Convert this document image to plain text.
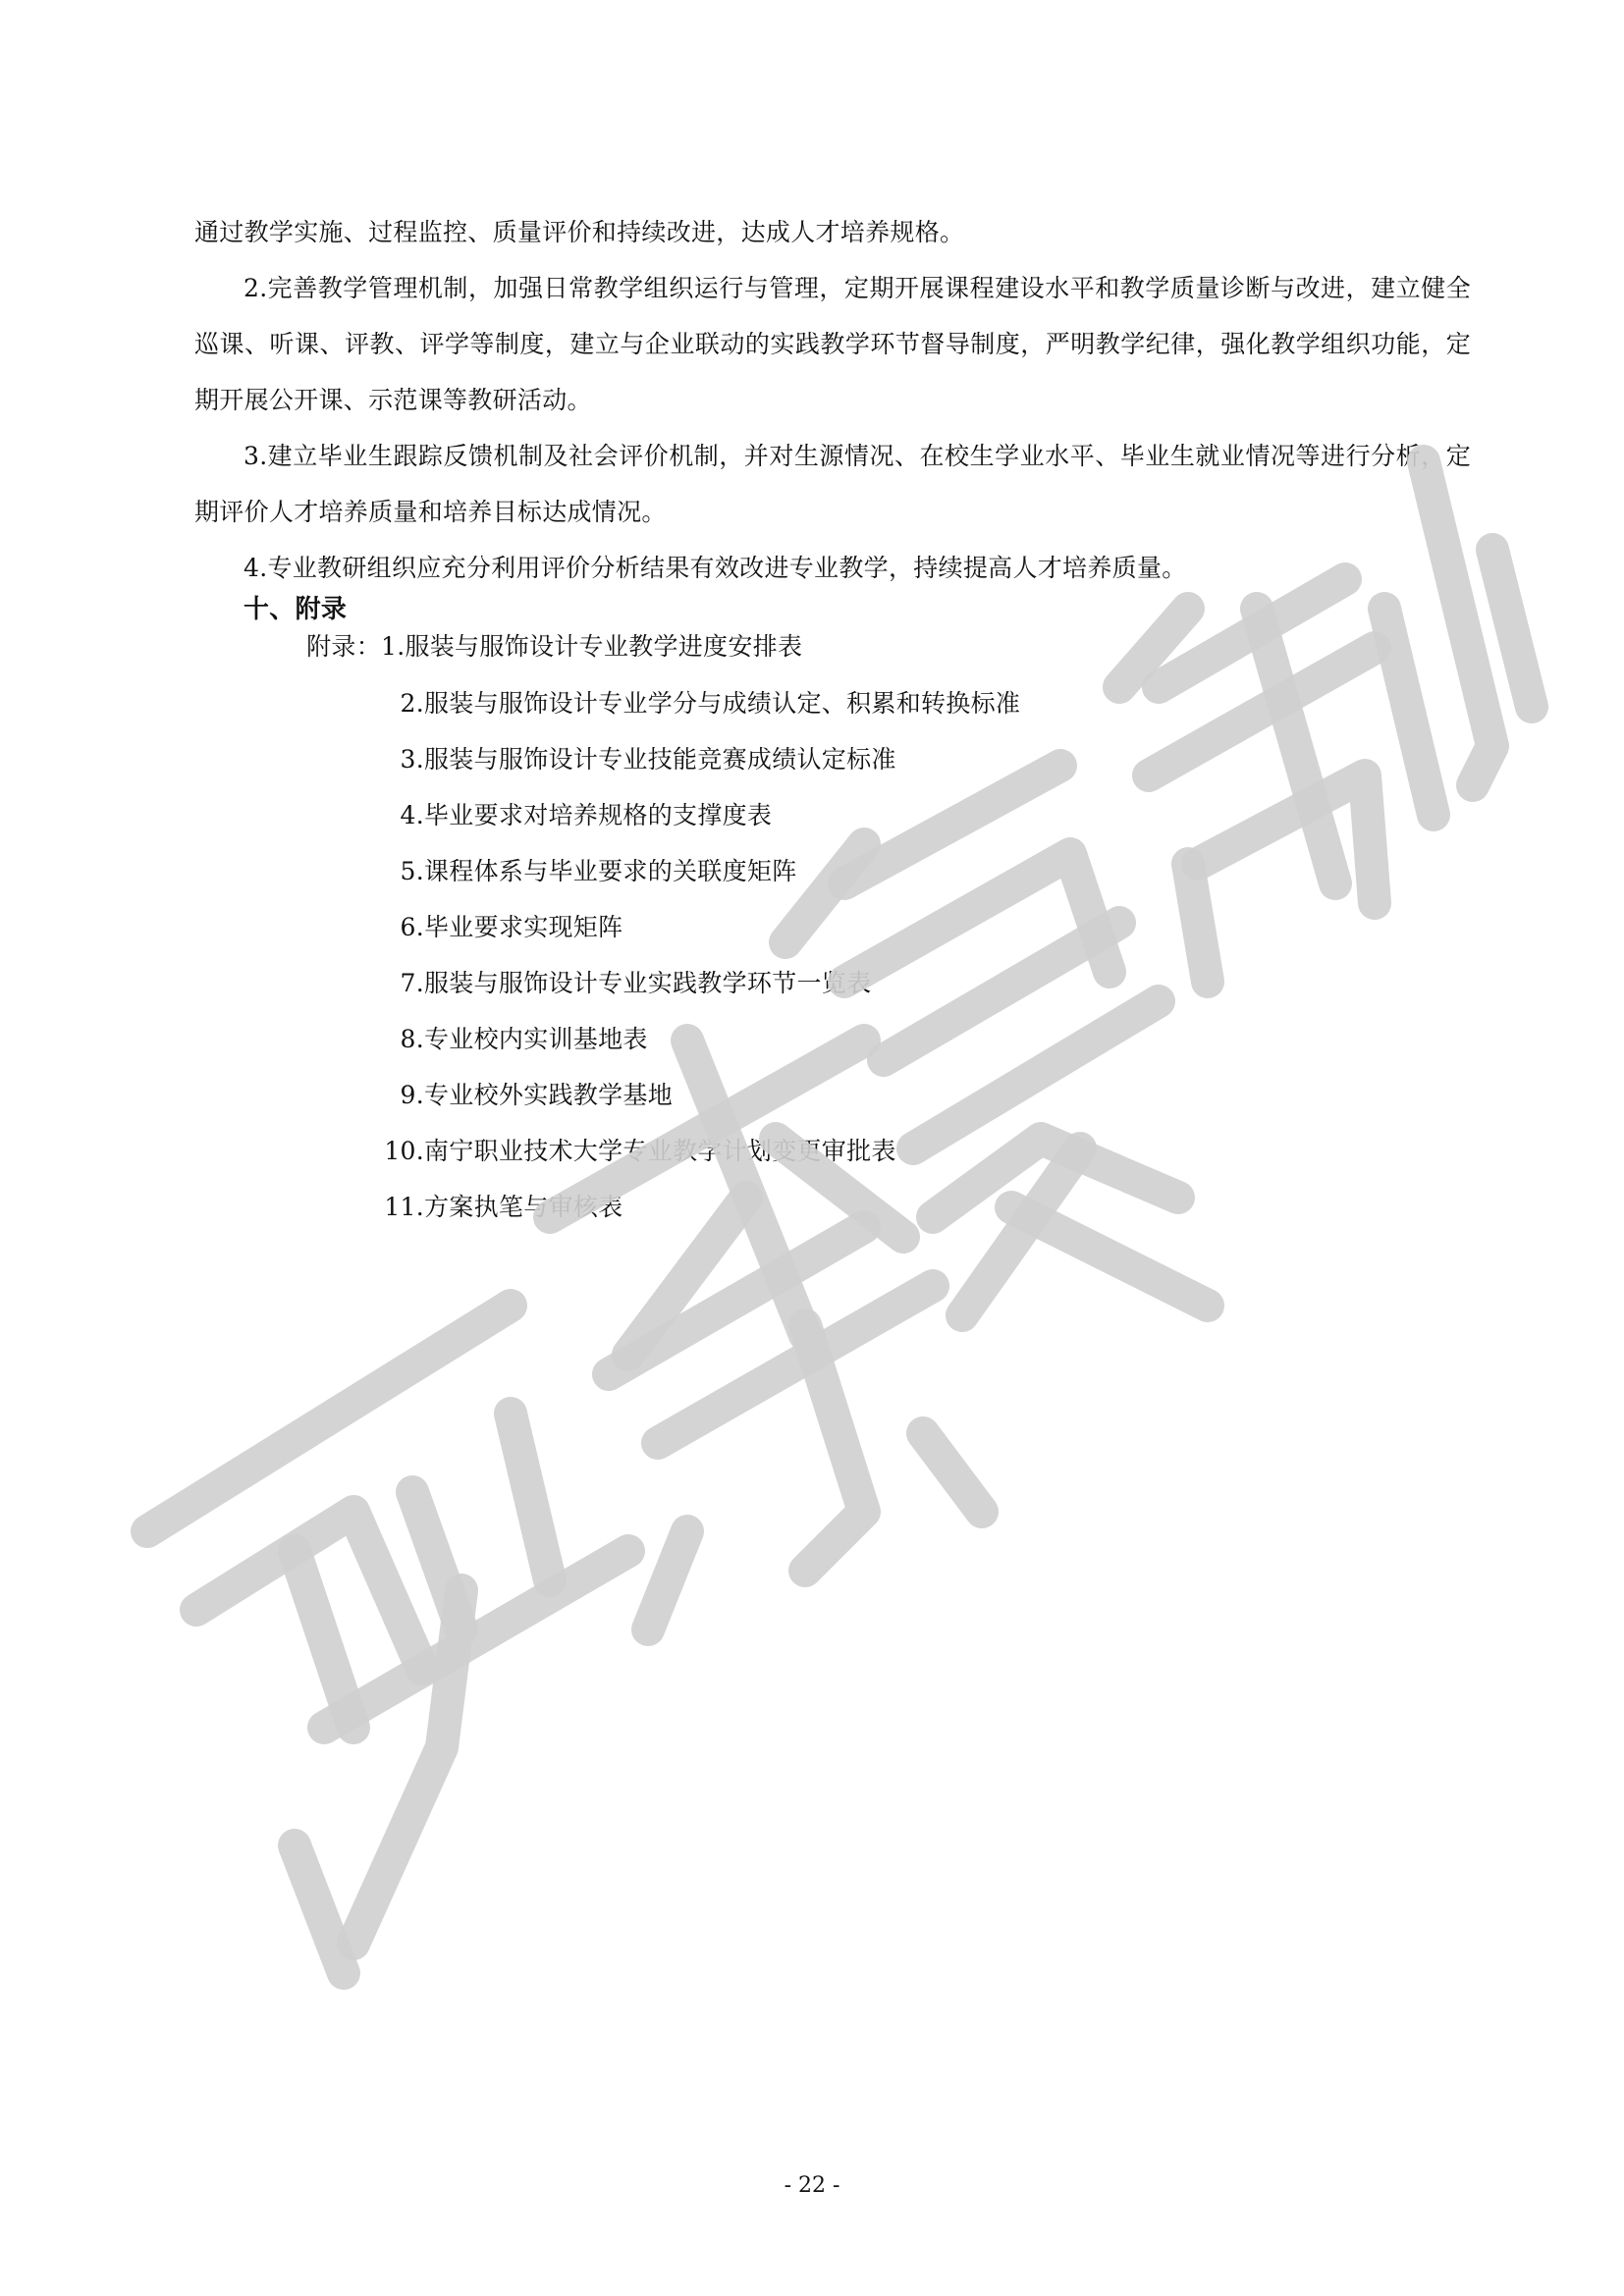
通过教学实施、过程监控、质量评价和持续改进，达成人才培养规格。

2.完善教学管理机制，加强日常教学组织运行与管理，定期开展课程建设水平和教学质量诊断与改进，建立健全巡课、听课、评教、评学等制度，建立与企业联动的实践教学环节督导制度，严明教学纪律，强化教学组织功能，定期开展公开课、示范课等教研活动。

3.建立毕业生跟踪反馈机制及社会评价机制，并对生源情况、在校生学业水平、毕业生就业情况等进行分析，定期评价人才培养质量和培养目标达成情况。

4.专业教研组织应充分利用评价分析结果有效改进专业教学，持续提高人才培养质量。

十、附录
附录： 1. 服装与服饰设计专业教学进度安排表
2. 服装与服饰设计专业学分与成绩认定、积累和转换标准
3. 服装与服饰设计专业技能竞赛成绩认定标准
4. 毕业要求对培养规格的支撑度表
5. 课程体系与毕业要求的关联度矩阵
6. 毕业要求实现矩阵
7. 服装与服饰设计专业实践教学环节一览表
8. 专业校内实训基地表
9. 专业校外实践教学基地
10. 南宁职业技术大学专业教学计划变更审批表
11. 方案执笔与审核表
- 22 -
